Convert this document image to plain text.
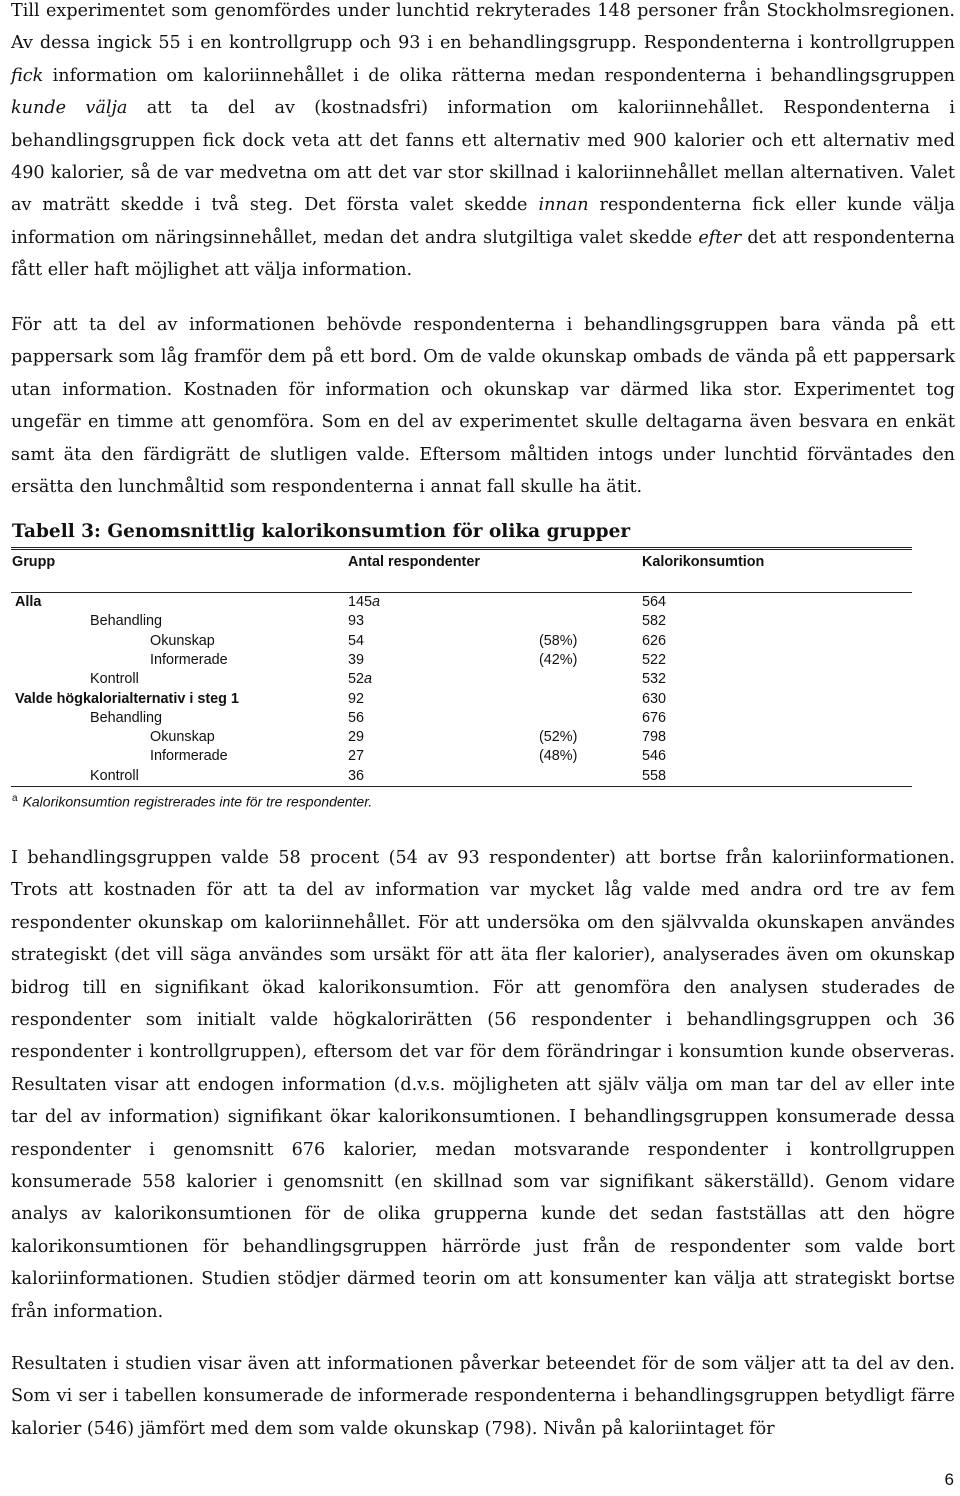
Till experimentet som genomfördes under lunchtid rekryterades 148 personer från Stockholmsregionen. Av dessa ingick 55 i en kontrollgrupp och 93 i en behandlingsgrupp. Respondenterna i kontrollgruppen fick information om kaloriinnehållet i de olika rätterna medan respondenterna i behandlingsgruppen kunde välja att ta del av (kostnadsfri) information om kaloriinnehållet. Respondenterna i behandlingsgruppen fick dock veta att det fanns ett alternativ med 900 kalorier och ett alternativ med 490 kalorier, så de var medvetna om att det var stor skillnad i kaloriinnehållet mellan alternativen. Valet av maträtt skedde i två steg. Det första valet skedde innan respondenterna fick eller kunde välja information om näringsinnehållet, medan det andra slutgiltiga valet skedde efter det att respondenterna fått eller haft möjlighet att välja information.

För att ta del av informationen behövde respondenterna i behandlingsgruppen bara vända på ett pappersark som låg framför dem på ett bord. Om de valde okunskap ombads de vända på ett pappersark utan information. Kostnaden för information och okunskap var därmed lika stor. Experimentet tog ungefär en timme att genomföra. Som en del av experimentet skulle deltagarna även besvara en enkät samt äta den färdigrätt de slutligen valde. Eftersom måltiden intogs under lunchtid förväntades den ersätta den lunchmåltid som respondenterna i annat fall skulle ha ätit.

Tabell 3: Genomsnittlig kalorikonsumtion för olika grupper
Grupp	Antal respondenter	Kalorikonsumtion
Alla	145a	564
Behandling	93	582
Okunskap	54	(58%)	626
Informerade	39	(42%)	522
Kontroll	52a	532
Valde högkalorialternativ i steg 1	92	630
Behandling	56	676
Okunskap	29	(52%)	798
Informerade	27	(48%)	546
Kontroll	36	558
$^a$ Kalorikonsumtion registrerades inte för tre respondenter.

I behandlingsgruppen valde 58 procent (54 av 93 respondenter) att bortse från kaloriinformationen. Trots att kostnaden för att ta del av information var mycket låg valde med andra ord tre av fem respondenter okunskap om kaloriinnehållet. För att undersöka om den självvalda okunskapen användes strategiskt (det vill säga användes som ursäkt för att äta fler kalorier), analyserades även om okunskap bidrog till en signifikant ökad kalorikonsumtion. För att genomföra den analysen studerades de respondenter som initialt valde högkalorirätten (56 respondenter i behandlingsgruppen och 36 respondenter i kontrollgruppen), eftersom det var för dem förändringar i konsumtion kunde observeras. Resultaten visar att endogen information (d.v.s. möjligheten att själv välja om man tar del av eller inte tar del av information) signifikant ökar kalorikonsumtionen. I behandlingsgruppen konsumerade dessa respondenter i genomsnitt 676 kalorier, medan motsvarande respondenter i kontrollgruppen konsumerade 558 kalorier i genomsnitt (en skillnad som var signifikant säkerställd). Genom vidare analys av kalorikonsumtionen för de olika grupperna kunde det sedan fastställas att den högre kalorikonsumtionen för behandlingsgruppen härrörde just från de respondenter som valde bort kaloriinformationen. Studien stödjer därmed teorin om att konsumenter kan välja att strategiskt bortse från information.

Resultaten i studien visar även att informationen påverkar beteendet för de som väljer att ta del av den. Som vi ser i tabellen konsumerade de informerade respondenterna i behandlingsgruppen betydligt färre kalorier (546) jämfört med dem som valde okunskap (798). Nivån på kaloriintaget för

6
